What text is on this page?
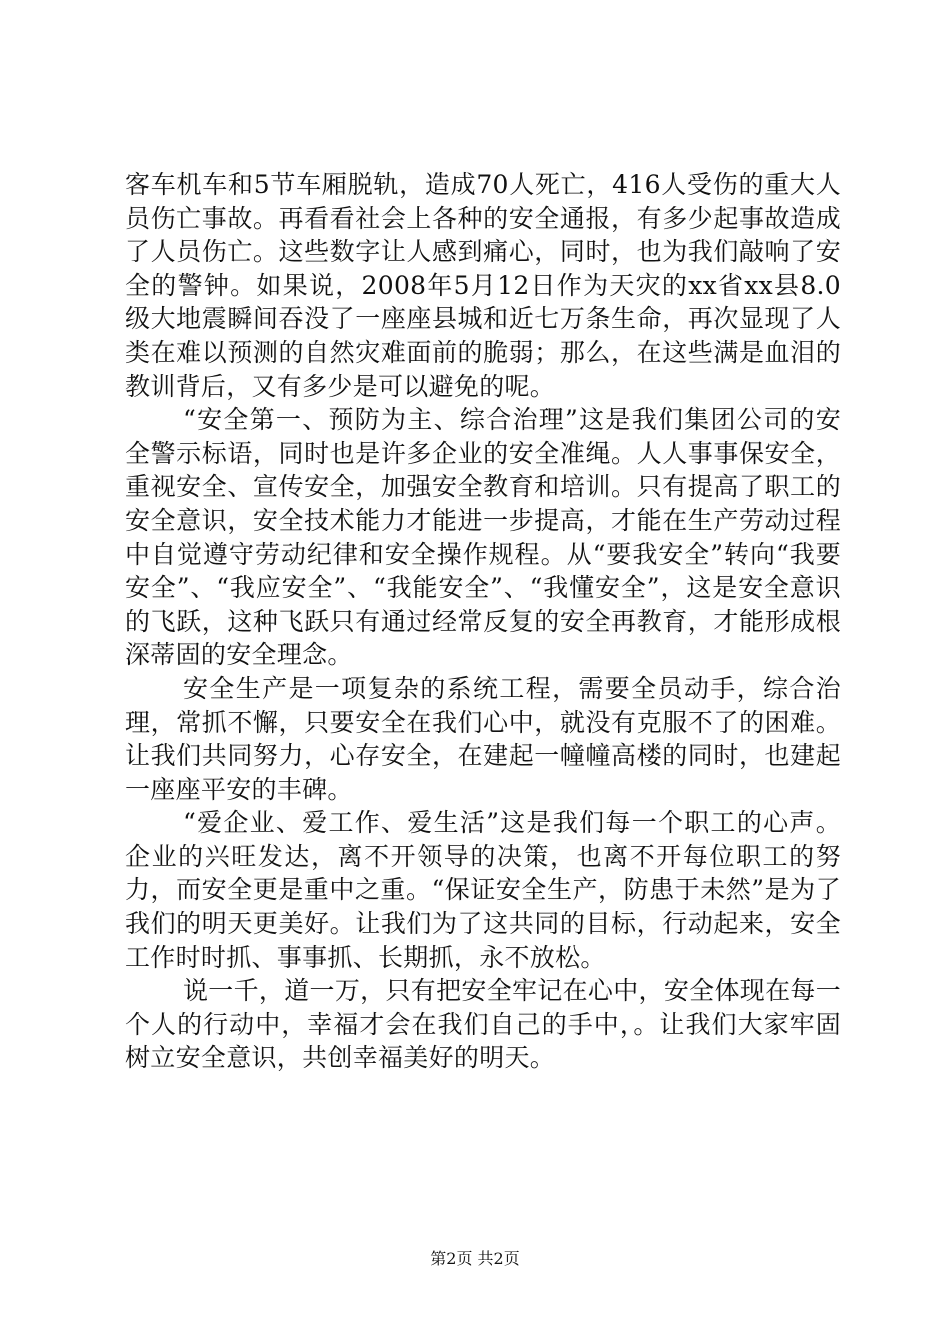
客车机车和5节车厢脱轨，造成70人死亡，416人受伤的重大人员伤亡事故。再看看社会上各种的安全通报，有多少起事故造成了人员伤亡。这些数字让人感到痛心，同时，也为我们敲响了安全的警钟。如果说，2008年5月12日作为天灾的xx省xx县8.0级大地震瞬间吞没了一座座县城和近七万条生命，再次显现了人类在难以预测的自然灾难面前的脆弱；那么，在这些满是血泪的教训背后，又有多少是可以避免的呢。

“安全第一、预防为主、综合治理”这是我们集团公司的安全警示标语，同时也是许多企业的安全准绳。人人事事保安全，重视安全、宣传安全，加强安全教育和培训。只有提高了职工的安全意识，安全技术能力才能进一步提高，才能在生产劳动过程中自觉遵守劳动纪律和安全操作规程。从“要我安全”转向“我要安全”、“我应安全”、“我能安全”、“我懂安全”，这是安全意识的飞跃，这种飞跃只有通过经常反复的安全再教育，才能形成根深蒂固的安全理念。

安全生产是一项复杂的系统工程，需要全员动手，综合治理，常抓不懈，只要安全在我们心中，就没有克服不了的困难。让我们共同努力，心存安全，在建起一幢幢高楼的同时，也建起一座座平安的丰碑。

“爱企业、爱工作、爱生活”这是我们每一个职工的心声。企业的兴旺发达，离不开领导的决策，也离不开每位职工的努力，而安全更是重中之重。“保证安全生产，防患于未然”是为了我们的明天更美好。让我们为了这共同的目标，行动起来，安全工作时时抓、事事抓、长期抓，永不放松。

说一千，道一万，只有把安全牢记在心中，安全体现在每一个人的行动中，幸福才会在我们自己的手中，。让我们大家牢固树立安全意识，共创幸福美好的明天。

第2页 共2页
